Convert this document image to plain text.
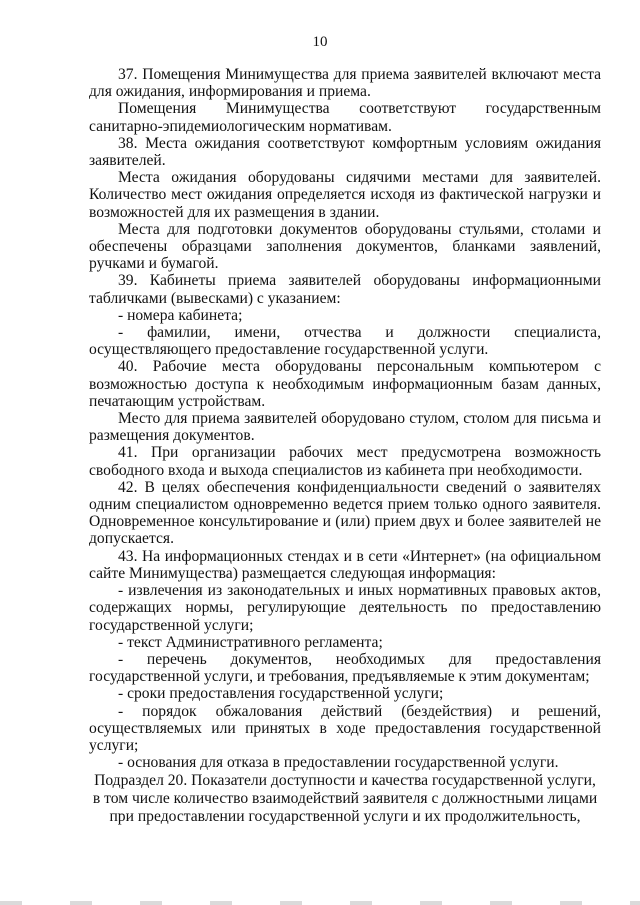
10

37. Помещения Минимущества для приема заявителей включают места для ожидания, информирования и приема.

Помещения Минимущества соответствуют государственным санитарно-эпидемиологическим нормативам.

38. Места ожидания соответствуют комфортным условиям ожидания заявителей.

Места ожидания оборудованы сидячими местами для заявителей. Количество мест ожидания определяется исходя из фактической нагрузки и возможностей для их размещения в здании.

Места для подготовки документов оборудованы стульями, столами и обеспечены образцами заполнения документов, бланками заявлений, ручками и бумагой.

39. Кабинеты приема заявителей оборудованы информационными табличками (вывесками) с указанием:

- номера кабинета;

- фамилии, имени, отчества и должности специалиста, осуществляющего предоставление государственной услуги.

40. Рабочие места оборудованы персональным компьютером с возможностью доступа к необходимым информационным базам данных, печатающим устройствам.

Место для приема заявителей оборудовано стулом, столом для письма и размещения документов.

41. При организации рабочих мест предусмотрена возможность свободного входа и выхода специалистов из кабинета при необходимости.

42. В целях обеспечения конфиденциальности сведений о заявителях одним специалистом одновременно ведется прием только одного заявителя. Одновременное консультирование и (или) прием двух и более заявителей не допускается.

43. На информационных стендах и в сети «Интернет» (на официальном сайте Минимущества) размещается следующая информация:

- извлечения из законодательных и иных нормативных правовых актов, содержащих нормы, регулирующие деятельность по предоставлению государственной услуги;

- текст Административного регламента;

- перечень документов, необходимых для предоставления государственной услуги, и требования, предъявляемые к этим документам;

- сроки предоставления государственной услуги;

- порядок обжалования действий (бездействия) и решений, осуществляемых или принятых в ходе предоставления государственной услуги;

- основания для отказа в предоставлении государственной услуги.

Подраздел 20. Показатели доступности и качества государственной услуги, в том числе количество взаимодействий заявителя с должностными лицами при предоставлении государственной услуги и их продолжительность,
